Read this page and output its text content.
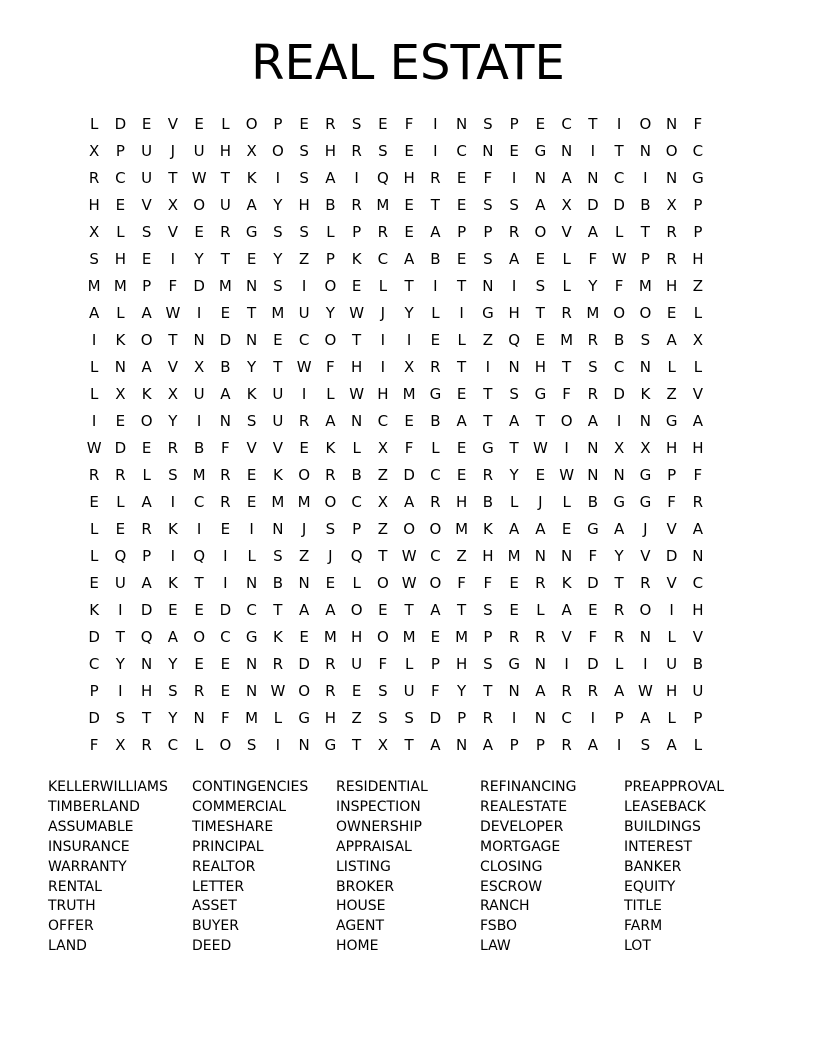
REAL ESTATE
L	D	E	V	E	L	O	P	E	R	S	E	F	I	N	S	P	E	C	T	I	O N	F
X	P	U	J	U	H	X	O	S	H	R	S	E	I	C	N	E	G N	I	T	N O	C
R	C	U	T W T	K	I	S	A	I	Q H	R	E	F	I	N	A	N	C	I	N G
H	E	V	X	O U	A	Y	H	B	R M	E	T	E	S	S	A	X	D D	B	X	P
X	L	S	V	E	R	G	S	S	L	P	R	E	A	P	P	R	O	V	A	L	T	R	P
S	H	E	I	Y	T	E	Y	Z	P	K	C	A	B	E	S	A	E	L	F W P	R	H
M M	P	F	D M N	S	I	O	E	L	T	I	T	N	I	S	L	Y	F	M H	Z
A	L	A W	I	E	T	M U	Y W	J	Y	L	I	G H	T	R M O O	E	L
I	K	O	T	N D N	E	C	O	T	I	I	E	L	Z	Q	E	M R	B	S	A	X
L	N	A	V	X	B	Y	T W F	H	I	X	R	T	I	N	H	T	S	C	N	L	L
L	X	K	X	U	A	K	U	I	L W H M G	E	T	S	G	F	R	D	K	Z	V
I	E	O	Y	I	N	S	U	R	A	N	C	E	B	A	T	A	T	O	A	I	N G	A
W D	E	R	B	F	V	V	E	K	L	X	F	L	E	G	T W	I	N	X	X	H H
R	R	L	S	M R	E	K	O	R	B	Z	D	C	E	R	Y	E W N	N G	P	F
E	L	A	I	C	R	E	M M O	C	X	A	R	H	B	L	J	L	B	G G	F	R
L	E	R	K	I	E	I	N	J	S	P	Z	O O M K	A	A	E	G	A	J	V	A
L	Q	P	I	Q	I	L	S	Z	J	Q	T W C	Z	H M N	N	F	Y	V	D N
E	U	A	K	T	I	N	B	N	E	L	O W O	F	F	E	R	K	D	T	R	V	C
K	I	D	E	E	D	C	T	A	A	O	E	T	A	T	S	E	L	A	E	R	O	I	H
D	T	Q	A	O	C	G	K	E	M H O M	E	M	P	R	R	V	F	R	N	L	V
C	Y	N	Y	E	E	N	R	D	R	U	F	L	P	H	S	G N	I	D	L	I	U	B
P	I	H	S	R	E	N W O	R	E	S	U	F	Y	T	N	A	R	R	A W H	U
D	S	T	Y	N	F	M	L	G H	Z	S	S	D	P	R	I	N	C	I	P	A	L	P
F	X	R	C	L	O	S	I	N G	T	X	T	A	N	A	P	P	R	A	I	S	A	L
KELLERWILLIAMS
TIMBERLAND
ASSUMABLE
INSURANCE
WARRANTY
RENTAL
TRUTH
OFFER
LAND
CONTINGENCIES
COMMERCIAL
TIMESHARE
PRINCIPAL
REALTOR
LETTER
ASSET
BUYER
DEED
RESIDENTIAL
INSPECTION
OWNERSHIP
APPRAISAL
LISTING
BROKER
HOUSE
AGENT
HOME
REFINANCING
REALESTATE
DEVELOPER
MORTGAGE
CLOSING
ESCROW
RANCH
FSBO
LAW
PREAPPROVAL
LEASEBACK
BUILDINGS
INTEREST
BANKER
EQUITY
TITLE
FARM
LOT
